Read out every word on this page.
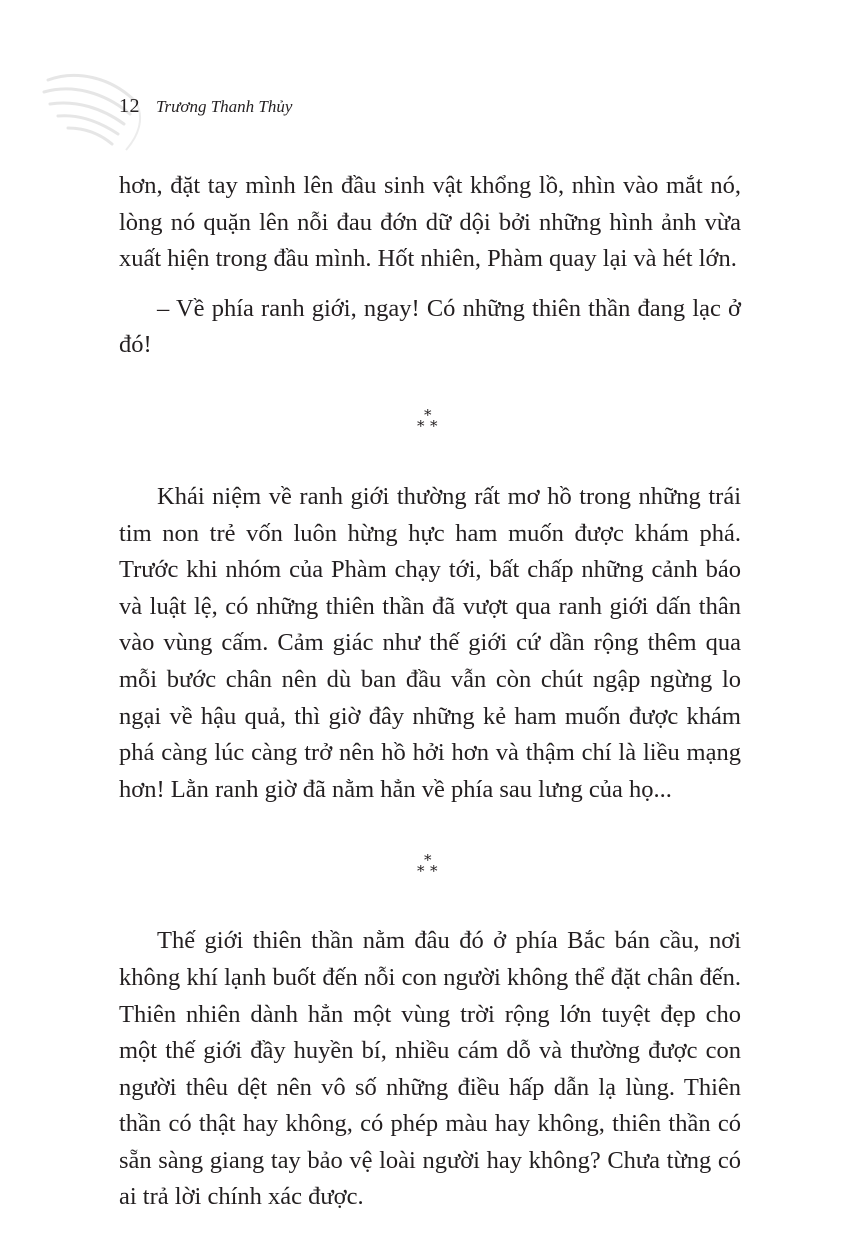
12 Trương Thanh Thủy

hơn, đặt tay mình lên đầu sinh vật khổng lồ, nhìn vào mắt nó, lòng nó quặn lên nỗi đau đớn dữ dội bởi những hình ảnh vừa xuất hiện trong đầu mình. Hốt nhiên, Phàm quay lại và hét lớn.

– Về phía ranh giới, ngay! Có những thiên thần đang lạc ở đó!

*
* *

Khái niệm về ranh giới thường rất mơ hồ trong những trái tim non trẻ vốn luôn hừng hực ham muốn được khám phá. Trước khi nhóm của Phàm chạy tới, bất chấp những cảnh báo và luật lệ, có những thiên thần đã vượt qua ranh giới dấn thân vào vùng cấm. Cảm giác như thế giới cứ dần rộng thêm qua mỗi bước chân nên dù ban đầu vẫn còn chút ngập ngừng lo ngại về hậu quả, thì giờ đây những kẻ ham muốn được khám phá càng lúc càng trở nên hồ hởi hơn và thậm chí là liều mạng hơn! Lằn ranh giờ đã nằm hẳn về phía sau lưng của họ...

*
* *

Thế giới thiên thần nằm đâu đó ở phía Bắc bán cầu, nơi không khí lạnh buốt đến nỗi con người không thể đặt chân đến. Thiên nhiên dành hẳn một vùng trời rộng lớn tuyệt đẹp cho một thế giới đầy huyền bí, nhiều cám dỗ và thường được con người thêu dệt nên vô số những điều hấp dẫn lạ lùng. Thiên thần có thật hay không, có phép màu hay không, thiên thần có sẵn sàng giang tay bảo vệ loài người hay không? Chưa từng có ai trả lời chính xác được.
